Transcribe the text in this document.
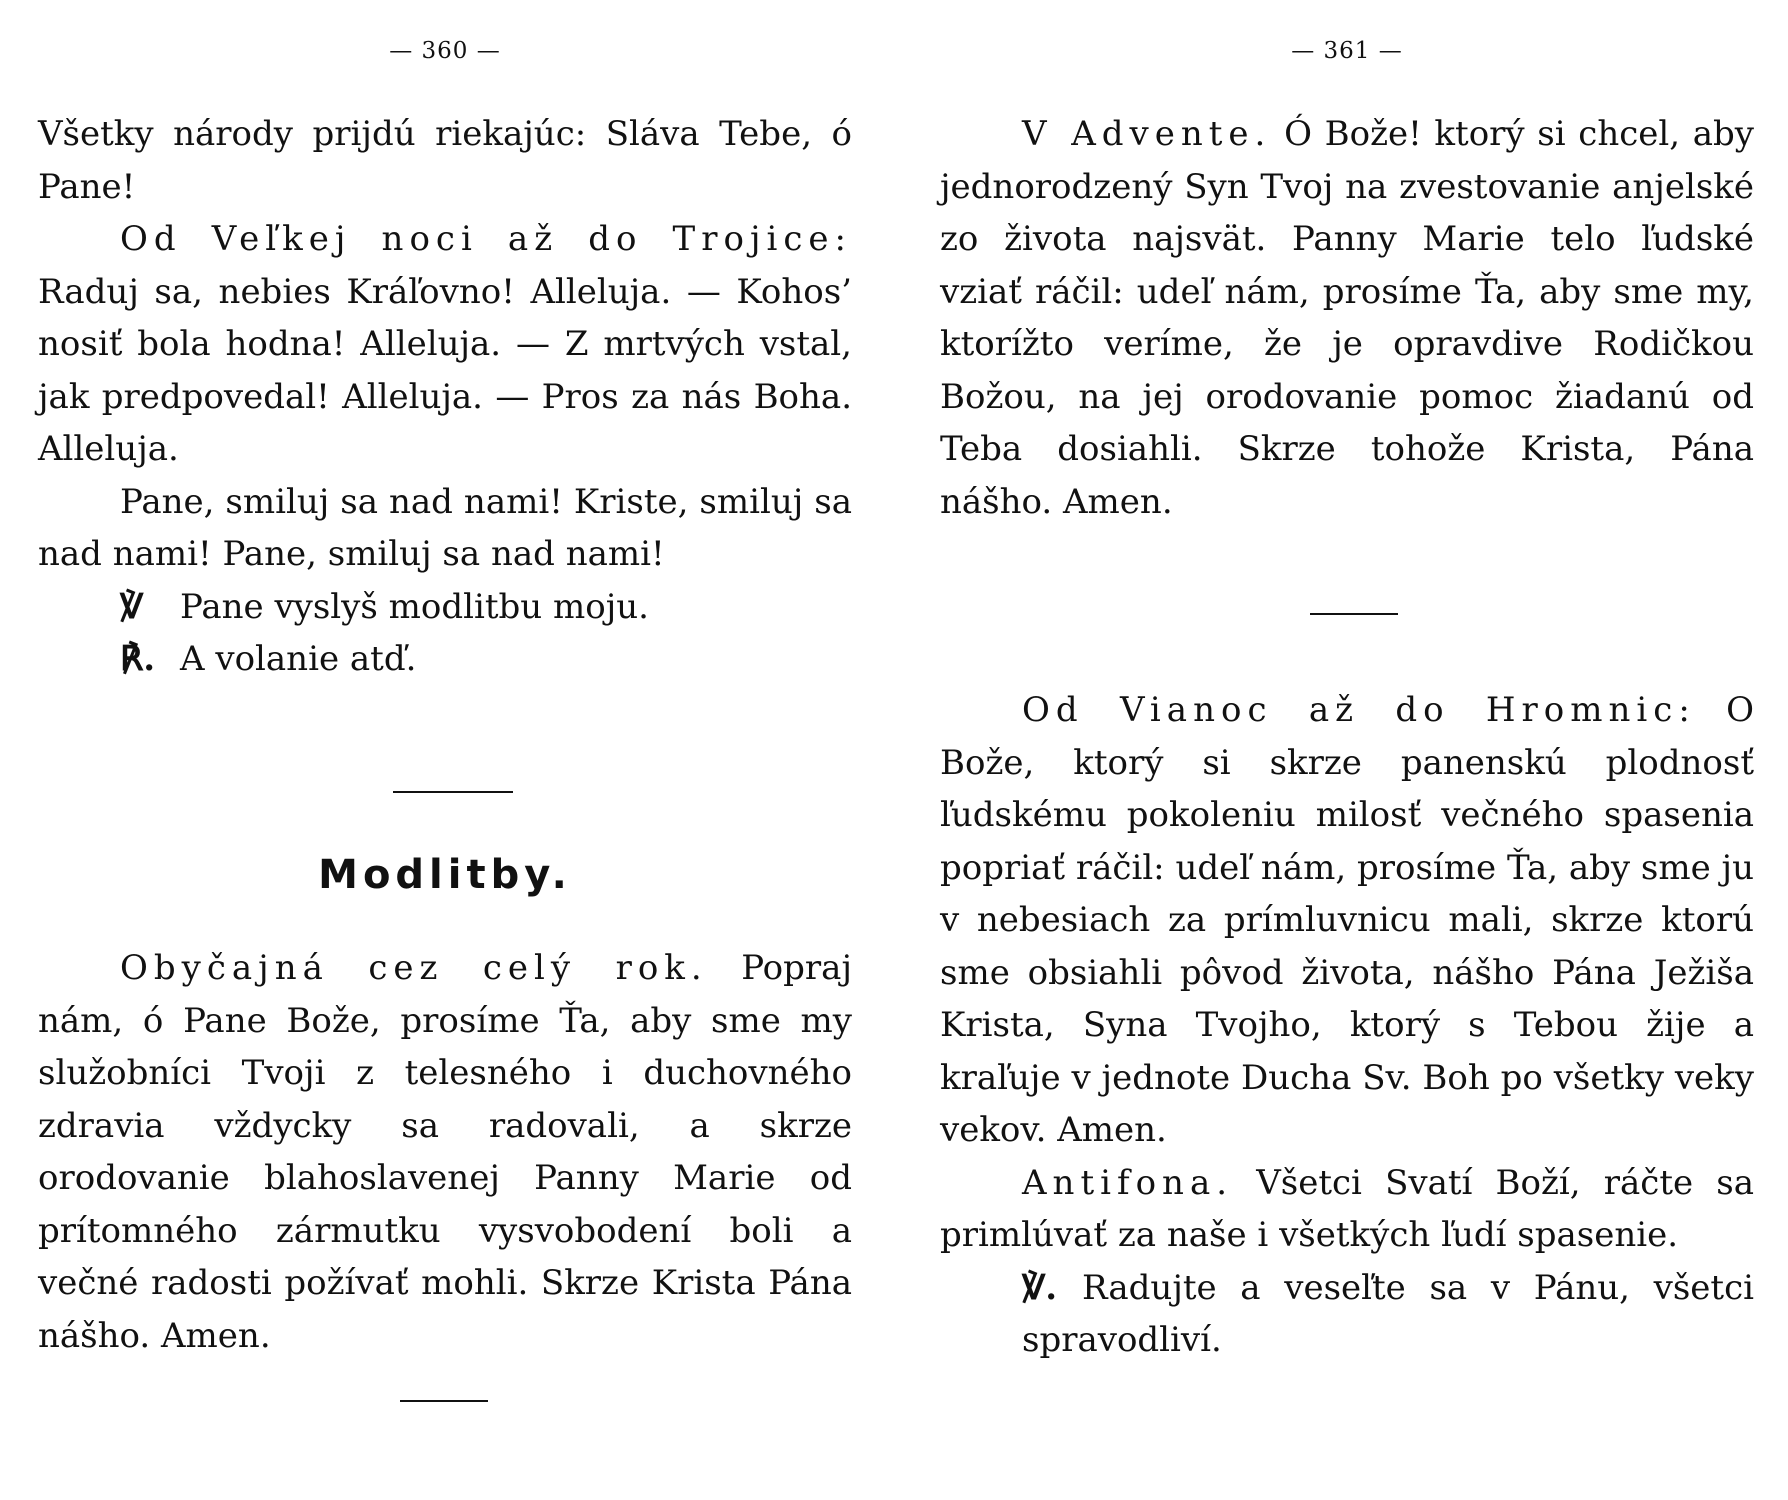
— 360 —

Všetky národy prijdú riekajúc: Sláva Tebe, ó Pane!

Od Veľkej noci až do Trojice: Raduj sa, nebies Kráľovno! Alleluja. — Kohos’ nosiť bola hodna! Alleluja. — Z mrtvých vstal, jak predpovedal! Alleluja. — Pros za nás Boha. Alleluja.

Pane, smiluj sa nad nami! Kriste, smiluj sa nad nami! Pane, smiluj sa nad nami!

℣ Pane vyslyš modlitbu moju.

℟. A volanie atď.

Modlitby.

Obyčajná cez celý rok. Popraj nám, ó Pane Bože, prosíme Ťa, aby sme my služobníci Tvoji z telesného i duchovného zdravia vždycky sa radovali, a skrze orodovanie blahoslavenej Panny Marie od prítomného zármutku vysvobodení boli a večné radosti požívať mohli. Skrze Krista Pána nášho. Amen.

— 361 —

V Advente. Ó Bože! ktorý si chcel, aby jednorodzený Syn Tvoj na zvestovanie anjelské zo života najsvät. Panny Marie telo ľudské vziať ráčil: udeľ nám, prosíme Ťa, aby sme my, ktorížto veríme, že je opravdive Rodičkou Božou, na jej orodovanie pomoc žiadanú od Teba dosiahli. Skrze tohože Krista, Pána nášho. Amen.

Od Vianoc až do Hromnic: O Bože, ktorý si skrze panenskú plodnosť ľudskému pokoleniu milosť večného spasenia popriať ráčil: udeľ nám, prosíme Ťa, aby sme ju v nebesiach za prímluvnicu mali, skrze ktorú sme obsiahli pôvod života, nášho Pána Ježiša Krista, Syna Tvojho, ktorý s Tebou žije a kraľuje v jednote Ducha Sv. Boh po všetky veky vekov. Amen.

Antifona. Všetci Svatí Boží, ráčte sa primlúvať za naše i všetkých ľudí spasenie.

℣. Radujte a veseľte sa v Pánu, všetci spravodliví.
